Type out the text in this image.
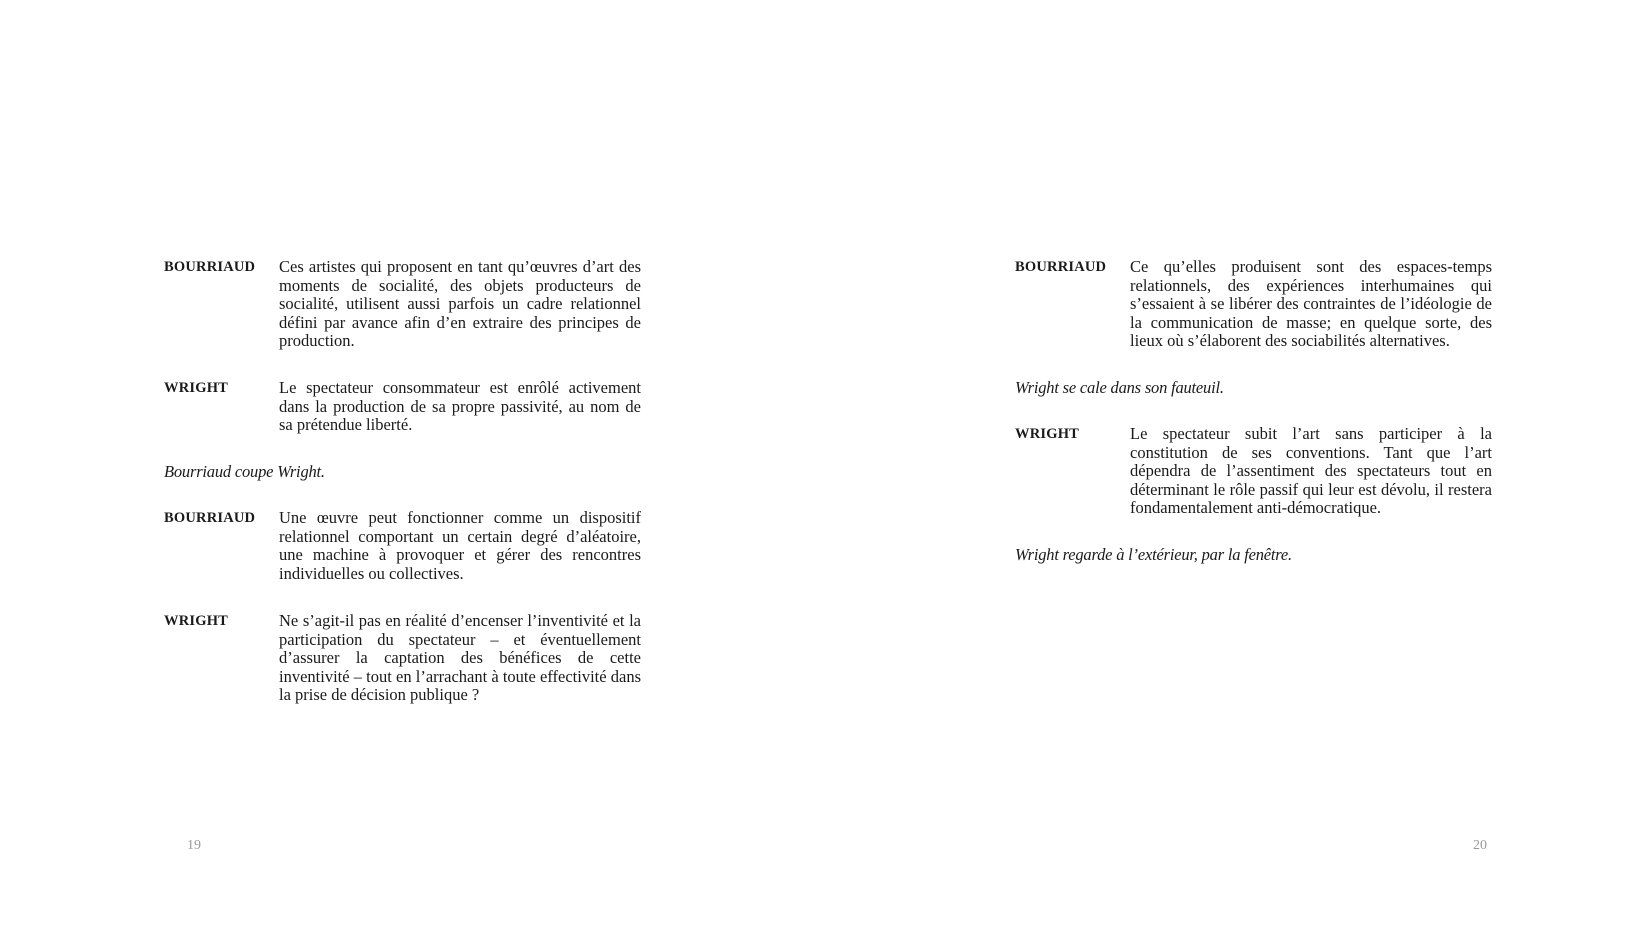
BOURRIAUD Ces artistes qui proposent en tant qu’œuvres d’art des moments de socialité, des objets producteurs de socialité, utilisent aussi parfois un cadre relationnel défini par avance afin d’en extraire des principes de production.
WRIGHT	Le spectateur consommateur est enrôlé activement dans la production de sa propre passivité, au nom de sa prétendue liberté.
Bourriaud coupe Wright.
BOURRIAUD Une œuvre peut fonctionner comme un dispositif relationnel comportant un certain degré d’aléatoire, une machine à provoquer et gérer des rencontres individuelles ou collectives.
WRIGHT	Ne s’agit-il pas en réalité d’encenser l’inventivité et la participation du spectateur – et éventuellement d’assurer la captation des bénéfices de cette inventivité – tout en l’arrachant à toute effectivité dans la prise de décision publique ?
19
BOURRIAUD Ce qu’elles produisent sont des espaces-temps relationnels, des expériences interhumaines qui s’essaient à se libérer des contraintes de l’idéologie de la communication de masse; en quelque sorte, des lieux où s’élaborent des sociabilités alternatives.
Wright se cale dans son fauteuil.
WRIGHT	Le spectateur subit l’art sans participer à la constitution de ses conventions. Tant que l’art dépendra de l’assentiment des spectateurs tout en déterminant le rôle passif qui leur est dévolu, il restera fondamentalement anti-démocratique.
Wright regarde à l’extérieur, par la fenêtre.
20
